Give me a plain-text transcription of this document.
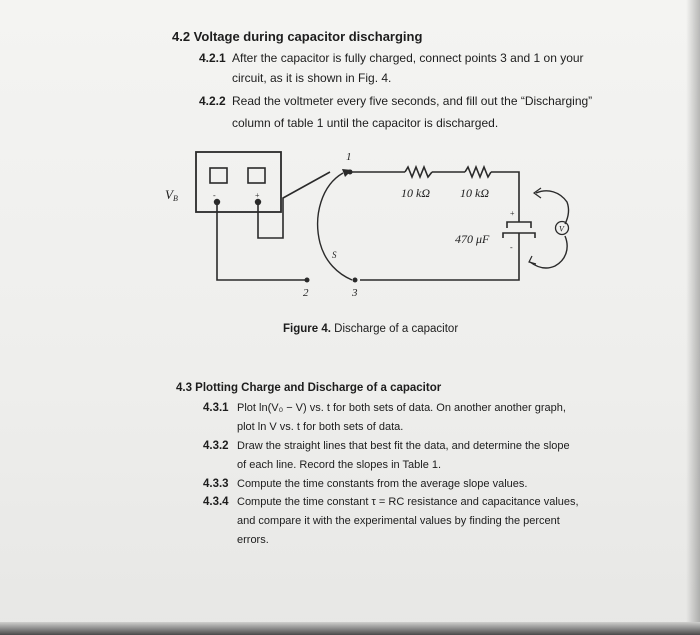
4.2 Voltage during capacitor discharging
4.2.1 After the capacitor is fully charged, connect points 3 and 1 on your
circuit, as it is shown in Fig. 4.
4.2.2 Read the voltmeter every five seconds, and fill out the “Discharging”
column of table 1 until the capacitor is discharged.
VB	-	+
1
2	3
S
10 kΩ 10 kΩ
470 μF
+
-
V
Figure 4. Discharge of a capacitor
4.3 Plotting Charge and Discharge of a capacitor
4.3.1 Plot ln(V₀ − V) vs. t for both sets of data. On another another graph,
plot ln V vs. t for both sets of data.
4.3.2 Draw the straight lines that best fit the data, and determine the slope
of each line. Record the slopes in Table 1.
4.3.3 Compute the time constants from the average slope values.
4.3.4 Compute the time constant τ = RC resistance and capacitance values,
and compare it with the experimental values by finding the percent
errors.
